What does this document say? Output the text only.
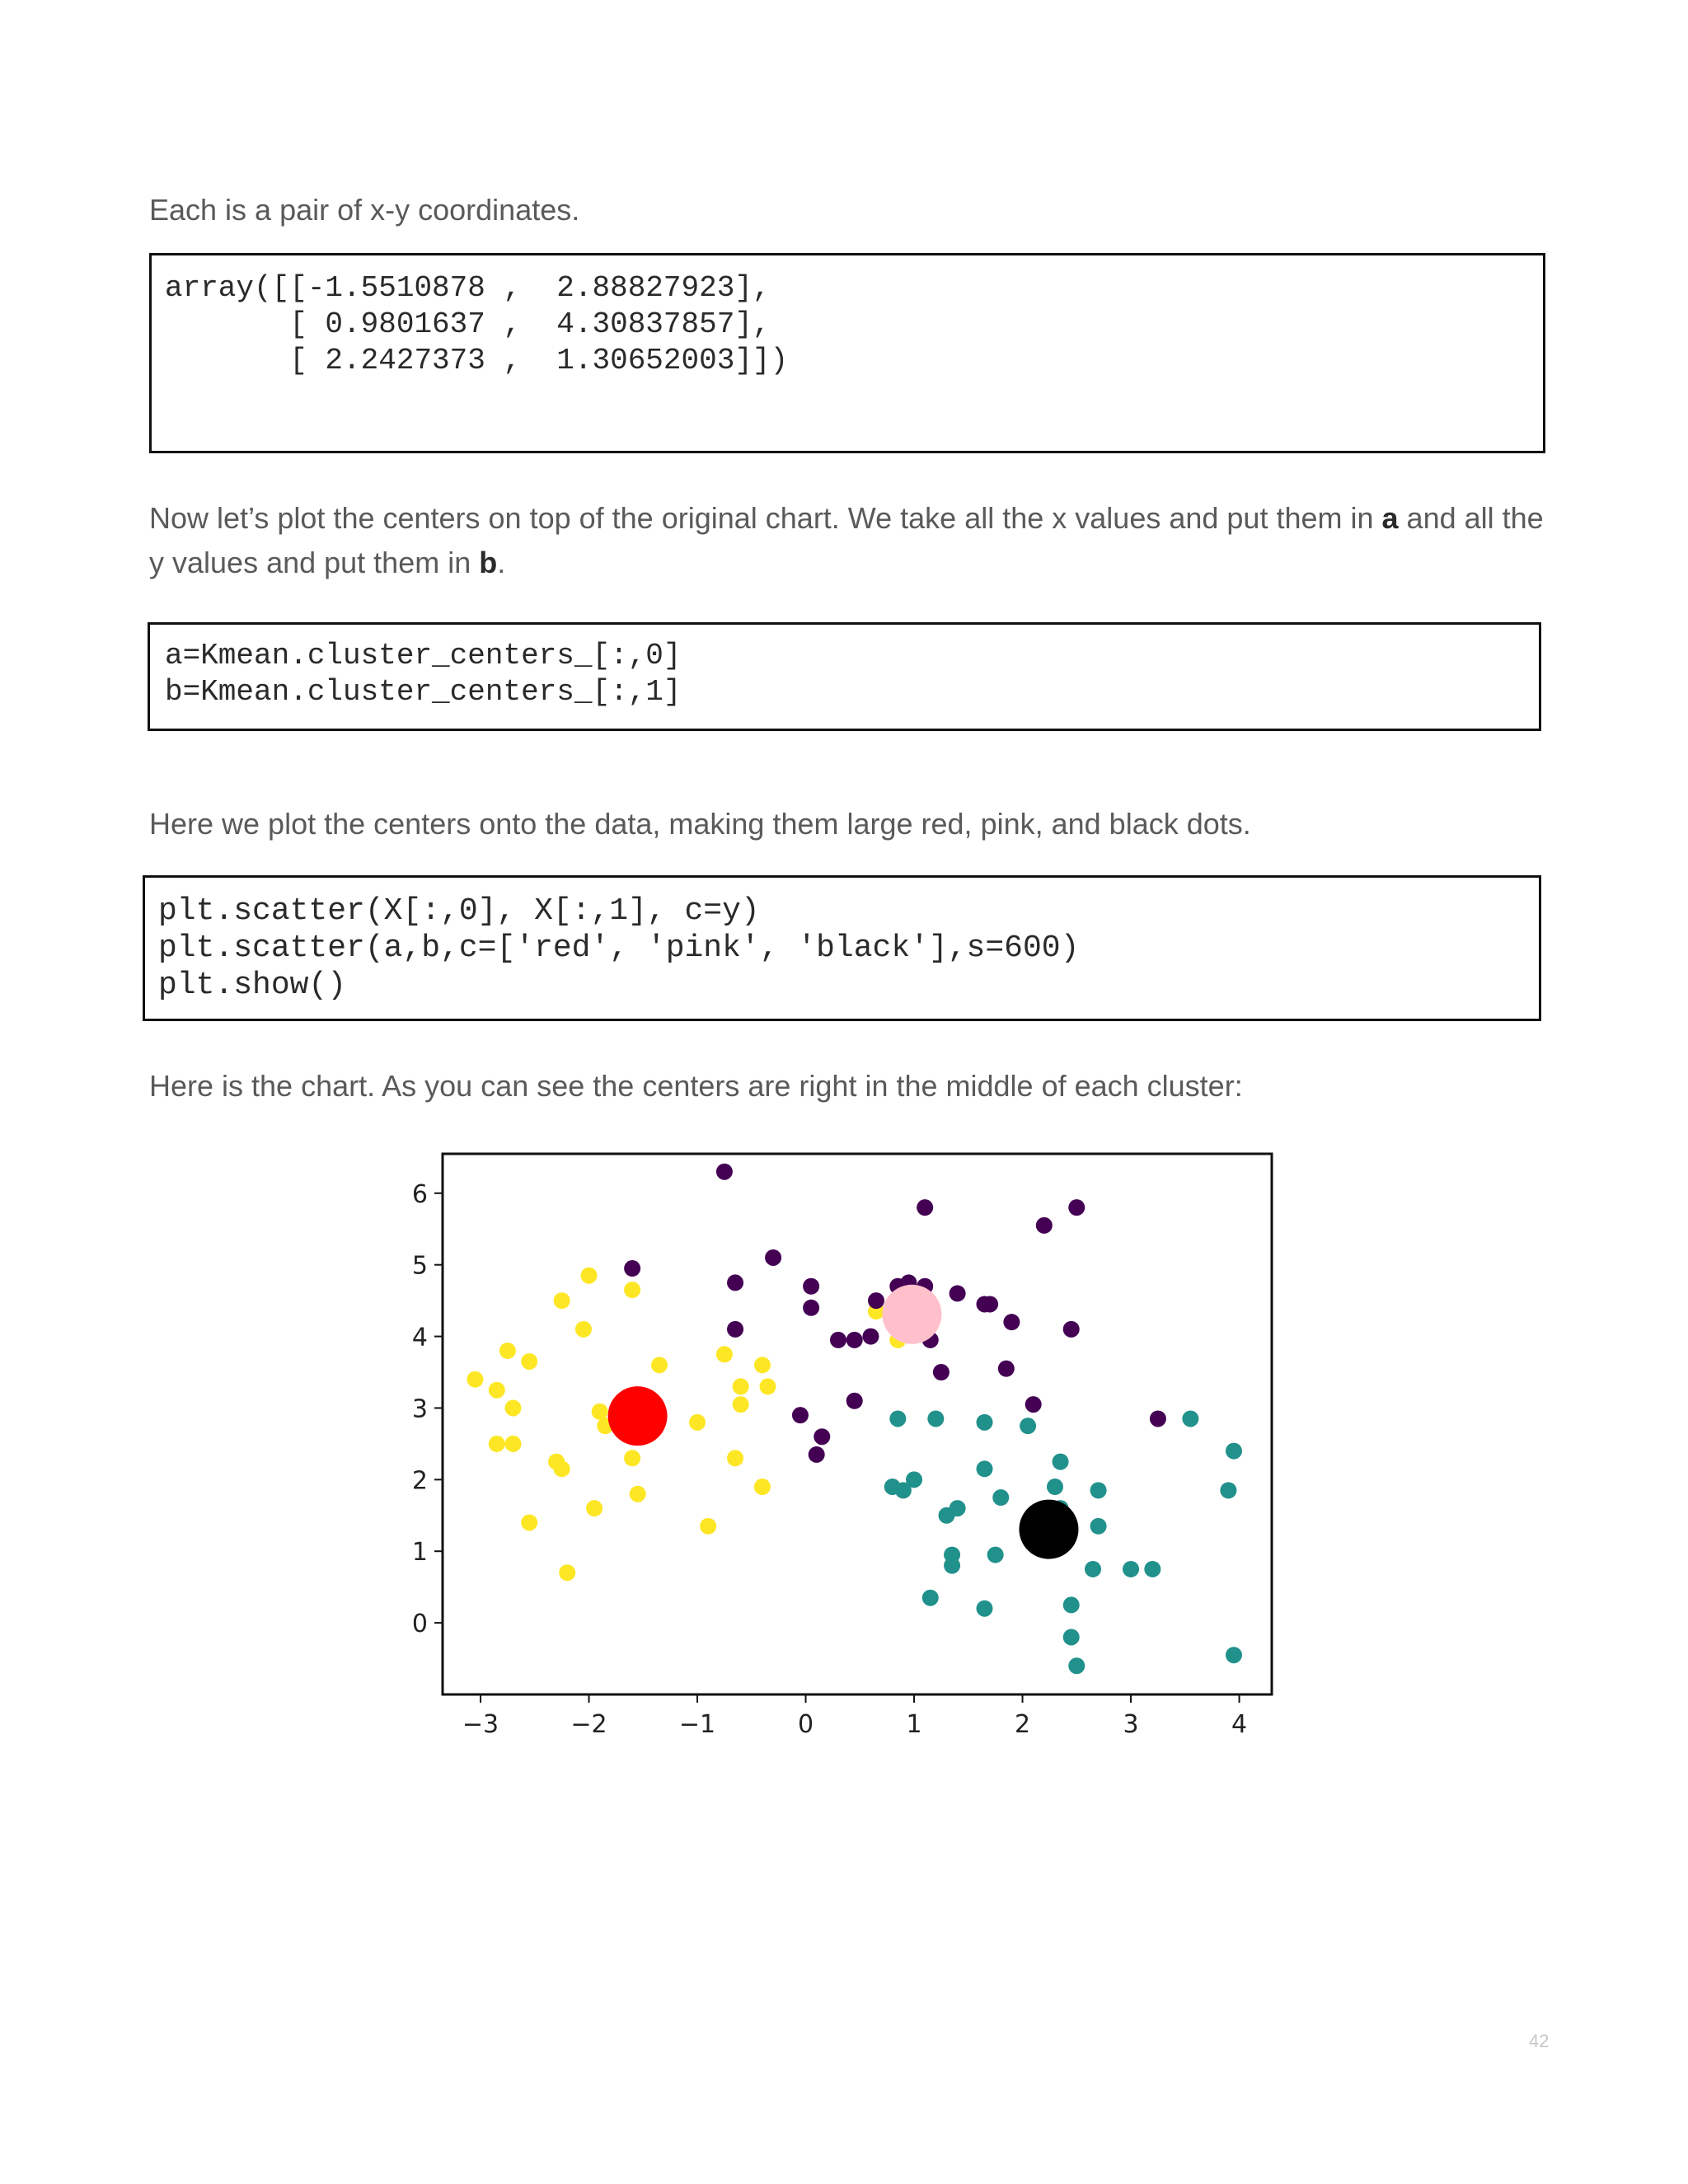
Each is a pair of x-y coordinates.

array([[-1.5510878 ,  2.88827923],
[ 0.9801637 ,  4.30837857],
[ 2.2427373 ,  1.30652003]])

Now let’s plot the centers on top of the original chart. We take all the x values and put them in a and all the y values and put them in b.

a=Kmean.cluster_centers_[:,0]
b=Kmean.cluster_centers_[:,1]

Here we plot the centers onto the data, making them large red, pink, and black dots.

plt.scatter(X[:,0], X[:,1], c=y)
plt.scatter(a,b,c=['red', 'pink', 'black'],s=600)
plt.show()

Here is the chart. As you can see the centers are right in the middle of each cluster:

−3	−2	−1	0	1	2	3	4
0
1
2
3
4
5
6
42
